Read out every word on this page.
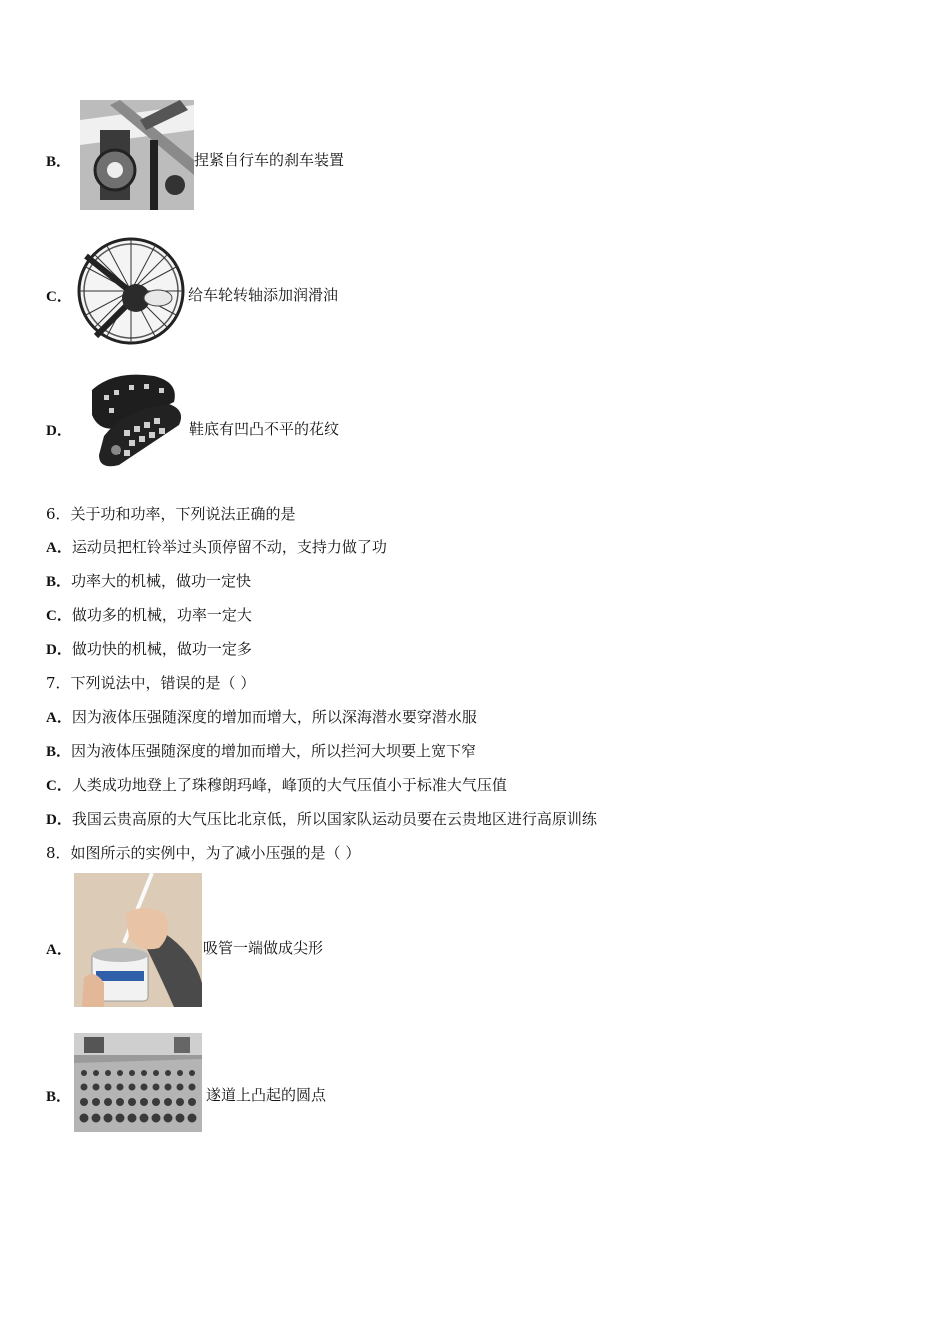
B．	捏紧自行车的刹车装置
C．	给车轮转轴添加润滑油
D．	鞋底有凹凸不平的花纹
6．关于功和功率，下列说法正确的是
A．运动员把杠铃举过头顶停留不动，支持力做了功
B．功率大的机械，做功一定快
C．做功多的机械，功率一定大
D．做功快的机械，做功一定多
7．下列说法中，错误的是（ ）
A．因为液体压强随深度的增加而增大，所以深海潜水要穿潜水服
B．因为液体压强随深度的增加而增大，所以拦河大坝要上宽下窄
C．人类成功地登上了珠穆朗玛峰，峰顶的大气压值小于标准大气压值
D．我国云贵高原的大气压比北京低，所以国家队运动员要在云贵地区进行高原训练
8．如图所示的实例中，为了减小压强的是（ ）
A．	吸管一端做成尖形
B．	遂道上凸起的圆点
